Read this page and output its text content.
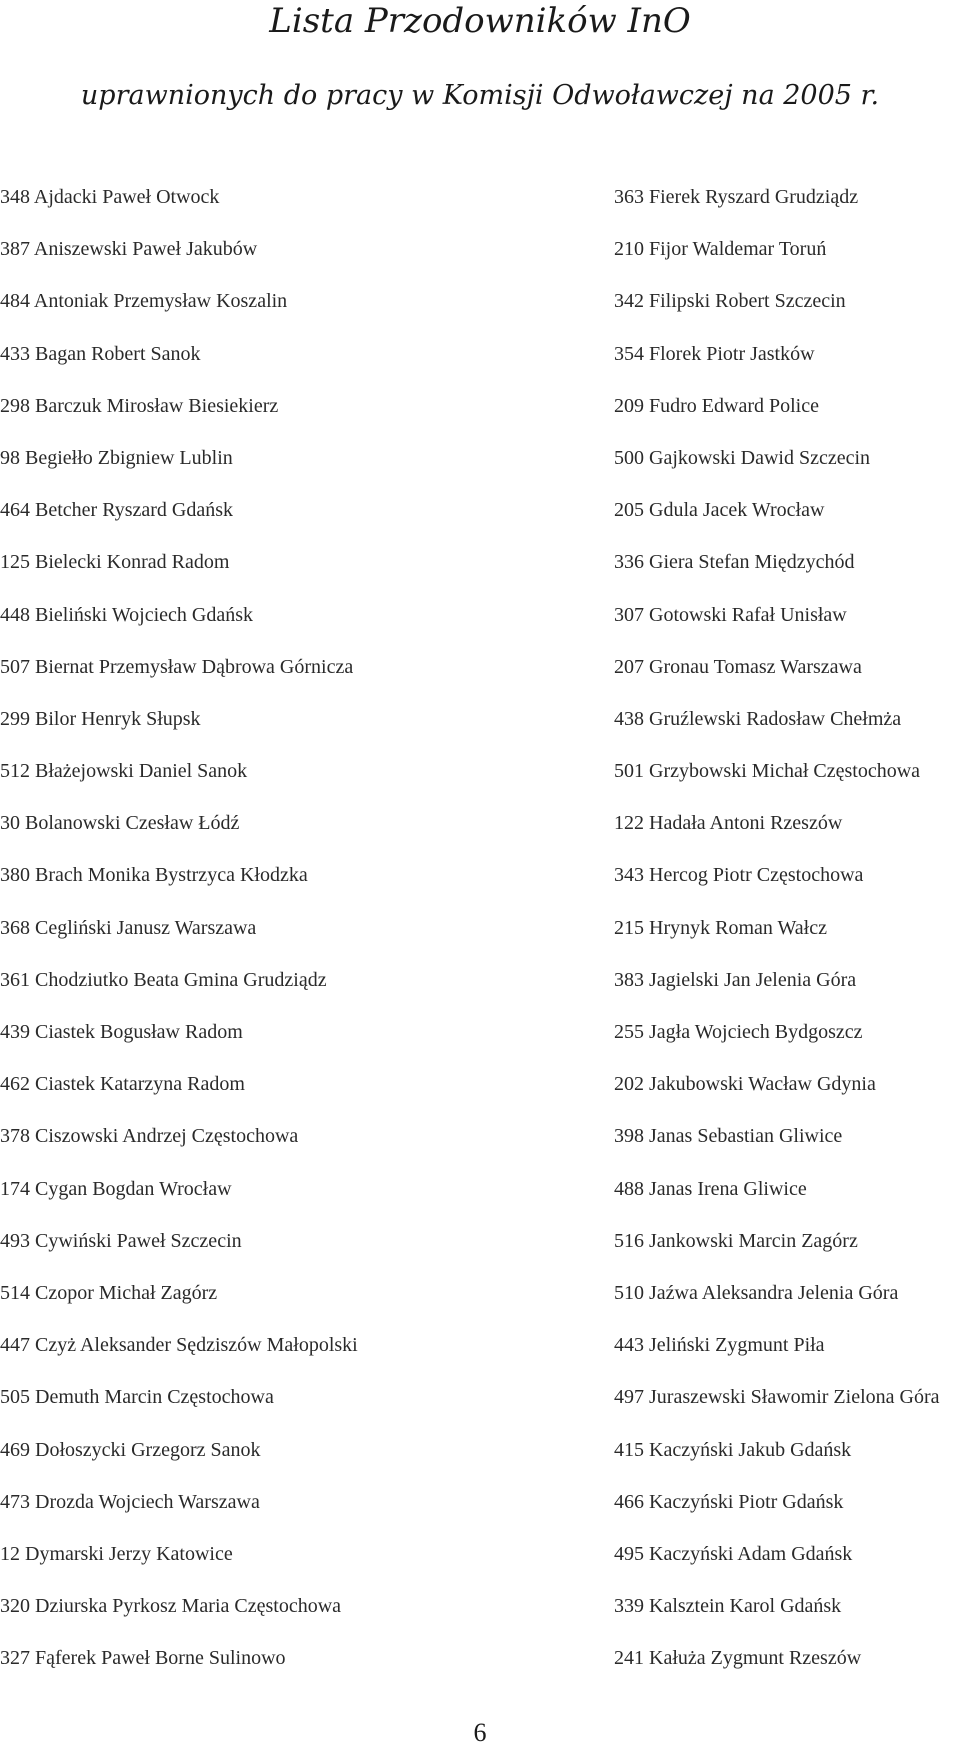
Lista Przodowników InO
uprawnionych do pracy w Komisji Odwoławczej na 2005 r.
348 Ajdacki Paweł Otwock
387 Aniszewski Paweł Jakubów
484 Antoniak Przemysław Koszalin
433 Bagan Robert Sanok
298 Barczuk Mirosław Biesiekierz
98 Begiełło Zbigniew Lublin
464 Betcher Ryszard Gdańsk
125 Bielecki Konrad Radom
448 Bieliński Wojciech Gdańsk
507 Biernat Przemysław Dąbrowa Górnicza
299 Bilor Henryk Słupsk
512 Błażejowski Daniel Sanok
30 Bolanowski Czesław Łódź
380 Brach Monika Bystrzyca Kłodzka
368 Cegliński Janusz Warszawa
361 Chodziutko Beata Gmina Grudziądz
439 Ciastek Bogusław Radom
462 Ciastek Katarzyna Radom
378 Ciszowski Andrzej Częstochowa
174 Cygan Bogdan Wrocław
493 Cywiński Paweł Szczecin
514 Czopor Michał Zagórz
447 Czyż Aleksander Sędziszów Małopolski
505 Demuth Marcin Częstochowa
469 Dołoszycki Grzegorz Sanok
473 Drozda Wojciech Warszawa
12 Dymarski Jerzy Katowice
320 Dziurska Pyrkosz Maria Częstochowa
327 Fąferek Paweł Borne Sulinowo
363 Fierek Ryszard Grudziądz
210 Fijor Waldemar Toruń
342 Filipski Robert Szczecin
354 Florek Piotr Jastków
209 Fudro Edward Police
500 Gajkowski Dawid Szczecin
205 Gdula Jacek Wrocław
336 Giera Stefan Międzychód
307 Gotowski Rafał Unisław
207 Gronau Tomasz Warszawa
438 Gruźlewski Radosław Chełmża
501 Grzybowski Michał Częstochowa
122 Hadała Antoni Rzeszów
343 Hercog Piotr Częstochowa
215 Hrynyk Roman Wałcz
383 Jagielski Jan Jelenia Góra
255 Jagła Wojciech Bydgoszcz
202 Jakubowski Wacław Gdynia
398 Janas Sebastian Gliwice
488 Janas Irena Gliwice
516 Jankowski Marcin Zagórz
510 Jaźwa Aleksandra Jelenia Góra
443 Jeliński Zygmunt Piła
497 Juraszewski Sławomir Zielona Góra
415 Kaczyński Jakub Gdańsk
466 Kaczyński Piotr Gdańsk
495 Kaczyński Adam Gdańsk
339 Kalsztein Karol Gdańsk
241 Kałuża Zygmunt Rzeszów
6
